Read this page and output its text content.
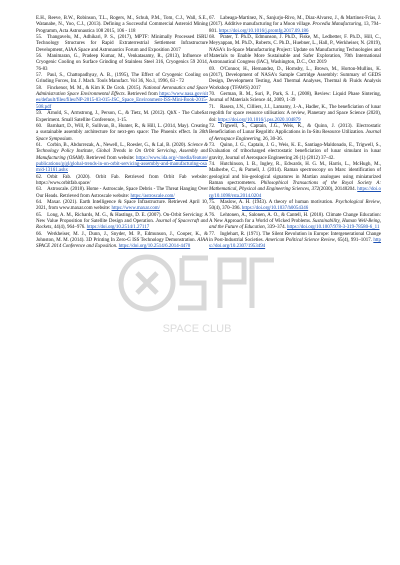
E.H., Reeve, B.W., Robinson, T.L., Rogers, M., Schuh, P.M., Tom, C.J., Wall, S.E., Watanabe, N., Yoo, C.J., (2013). Defining a Successful Commercial Asteroid Mining Programm, Acta Astronautica 108 2015, 106 - 118

55. Thangavelu, M., Adhikari, P. S., (2017), MPTF: Minimally Processed ISRU Technology Structures for Rapid Extraterrestrial Settlement Infrastructure Development, AIAA Space and Astronautics Forum and Exposition 2017

56. Manimaran, G., Pradeep Kumar, M., Venkatasamy, R., (2013), Influence of Cryogenic Cooling on Surface Grinding of Stainless Steel 316, Cryogenics 59 2014, 76-83

57. Paul, S., Chattopadhyay, A. B., (1995), The Effect of Cryogenic Cooling on Grinding Forces, Int. J. Mach. Tools Manufact. Vol 36, No.1, 1996, 63 - 72

58. Finckenor, M. M., & Kim K De Groh. (2015). National Aeronautics and Space Administration Space Environmental Effects. Retrieved from https://www.nasa.gov/sites/default/files/files/NP-2015-03-015-JSC_Space_Environment-ISS-Mini-Book-2015-508.pdf

59. Arnold, S., Armstrong, J., Person, C., & Tietz, M. (2012). QbX - The CubeSat Experiment. Small Satellite Conference, 1-15.

60. Barnhart, D., Will, P., Sullivan, B., Hunter, R., & Hill, L. (2014, May). Creating a sustainable assembly architecture for next-gen space: The Phoenix effect. In 30th Space Symposium.

61. Corbin, B., Abdurrezak, A., Newell, L., Roesler, G., & Lal, B. (2020). Science & Technology Policy Institute, Global Trends in On Orbit Servicing, Assembly and Manufacturing (OSAM). Retrieved from website: https://www.ida.org/-/media/feature/publications/g/gl/global-trends-in-on-orbit-servicing-assembly-and-manufacturing-osam/d-13161.ashx

62. Orbit Fab. (2020). Orbit Fab. Retrieved from Orbit Fab website: https://www.orbitfab.space/

63. Astroscale. (2018). Home - Astroscale, Space Debris - The Threat Hanging Over Our Heads. Retrieved from Astroscale website: https://astroscale.com/

64. Maxar. (2021). Earth Intelligence & Space Infrastructure. Retrieved April 10, 2021, from www.maxar.com website: https://www.maxar.com/

65. Long, A. M., Richards, M. G., & Hastings, D. E. (2007). On-Orbit Servicing: A New Value Proposition for Satellite Design and Operation. Journal of Spacecraft and Rockets, 44(4), 964–976. https://doi.org/10.2514/1.27117

66. Werkheiser, M. J., Dunn, J., Snyder, M. P., Edmunson, J., Cooper, K., & Johnston, M. M. (2014). 3D Printing In Zero-G ISS Technology Demonstration. AIAA SPACE 2014 Conference and Exposition. https://doi.org/10.2514/6.2014-4470

67. Labeaga-Martinez, N., Sanjurjo-Rivo, M., Diaz-Alvarez, J., & Martinez-Frias, J. (2017). Additive manufacturing for a Moon village. Procedia Manufacturing, 13, 794–801. https://doi.org/10.1016/j.promfg.2017.09.186

68. Prater, T. Ph.D., Edmunson, J. Ph.D., Fiske, M., Ledbetter, F. Ph.D., Hill, C., Meyyappan, M. Ph.D., Roberts, C. Ph.D., Huebner, L., Hall, P., Werkheiser, N. (2019), NASA's In-Space Manufacturing Project: Update on Manufacturing Technologies and Materials to Enable More Sustainable and Safer Exploration, 70th International Astronautical Congress (IAC), Washington, D.C., Oct 2019

69. O'Connor, H., Hernandez, D., Hornsby, L., Brown, M., Horton-Mullins, K. (2017), Development of NASA's Sample Cartridge Assembly: Summary of GEDS Design, Development Testing, And Thermal Analyses, Thermal & Fluids Analysis Workshop (TFAWS) 2017

70. German, R. M., Suri, P., Park, S. J., (2008), Review: Liquid Phase Sintering, Journal of Materials Science 44, 2009, 1-39

71. Rasera, J.N., Cilliers, J.J., Lamamy, J.-A., Hadler, K., The beneficiation of lunar regolith for space resource utilisation: A review, Planetary and Space Science (2020), doi: https://doi.org/10.1016/j.pss.2020.104879

72. Trigwell, S., Captain, J.G., Weis, K., & Quinn, J. (2013). Electrostatic Beneficiation of Lunar Regolith: Applications in In-Situ Resource Utilization. Journal of Aerospace Engineering, 26, 30-36.

73. Quinn, J. G., Captain, J. G., Weis, K. E., Santiago-Maldonado, E., Trigwell, S., Evaluation of tribocharged electrostatic beneficiation of lunar simulant in lunar gravity, Journal of Aerospace Engineering 26 (1) (2012) 37–42.

74. Hutchinson, I. B., Ingley, R., Edwards, H. G. M., Harris, L., McHugh, M., Malherbe, C., & Parnell, J. (2014). Raman spectroscopy on Mars: identification of geological and bio-geological signatures in Martian analogues using miniaturized Raman spectrometers. Philosophical Transactions of the Royal Society A: Mathematical, Physical and Engineering Sciences, 372(2030), 20140204. https://doi.org/10.1098/rsta.2014.0204

75. Maslow, A. H. (1943). A theory of human motivation. Psychological Review, 50(4), 370–396. https://doi.org/10.1037/h0054346

76. Lehtonen, A., Salonen, A. O., & Cantell, H. (2018). Climate Change Education: A New Approach for a World of Wicked Problems. Sustainability, Human Well-Being, and the Future of Education, 339–374. https://doi.org/10.1007/978-3-319-78580-6_11

77. Inglehart, R. (1971). The Silent Revolution in Europe: Intergenerational Change in Post-Industrial Societies. American Political Science Review, 65(4), 991–1017. https://doi.org/10.2307/1953494

SPACE CLUB
